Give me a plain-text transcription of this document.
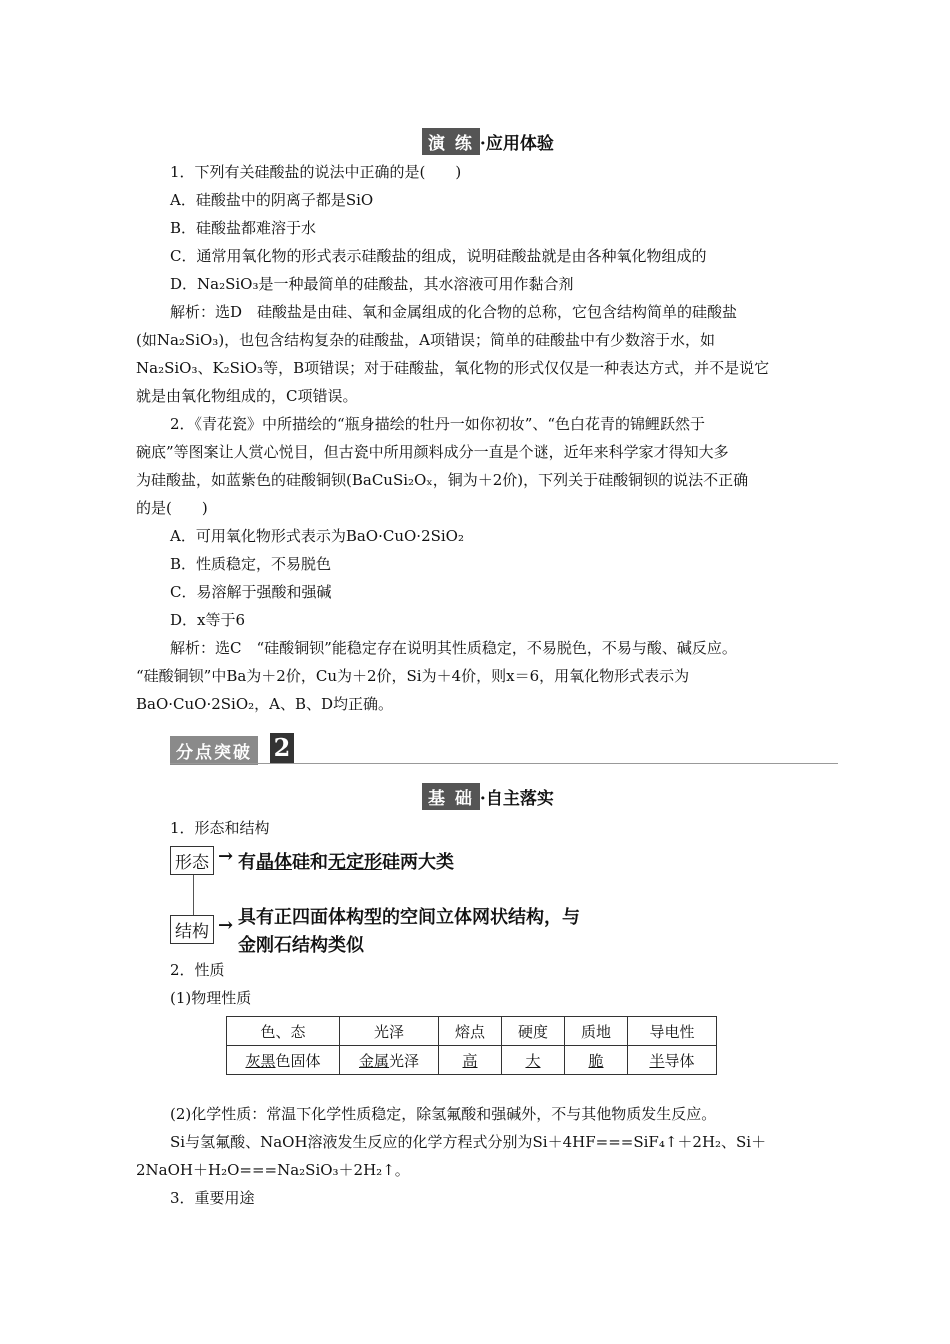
演 练 ·应用体验
1．下列有关硅酸盐的说法中正确的是(　　)
A．硅酸盐中的阴离子都是SiO
B．硅酸盐都难溶于水
C．通常用氧化物的形式表示硅酸盐的组成，说明硅酸盐就是由各种氧化物组成的
D．Na₂SiO₃是一种最简单的硅酸盐，其水溶液可用作黏合剂
解析：选D　硅酸盐是由硅、氧和金属组成的化合物的总称，它包含结构简单的硅酸盐
(如Na₂SiO₃)，也包含结构复杂的硅酸盐，A项错误；简单的硅酸盐中有少数溶于水，如
Na₂SiO₃、K₂SiO₃等，B项错误；对于硅酸盐，氧化物的形式仅仅是一种表达方式，并不是说它
就是由氧化物组成的，C项错误。
2．《青花瓷》中所描绘的“瓶身描绘的牡丹一如你初妆”、“色白花青的锦鲤跃然于
碗底”等图案让人赏心悦目，但古瓷中所用颜料成分一直是个谜，近年来科学家才得知大多
为硅酸盐，如蓝紫色的硅酸铜钡(BaCuSi₂Oₓ，铜为＋2价)，下列关于硅酸铜钡的说法不正确
的是(　　)
A．可用氧化物形式表示为BaO·CuO·2SiO₂
B．性质稳定，不易脱色
C．易溶解于强酸和强碱
D．x等于6
解析：选C　“硅酸铜钡”能稳定存在说明其性质稳定，不易脱色，不易与酸、碱反应。
“硅酸铜钡”中Ba为＋2价，Cu为＋2价，Si为＋4价，则x＝6，用氧化物形式表示为
BaO·CuO·2SiO₂，A、B、D均正确。
分点突破 2
基 础 ·自主落实
1．形态和结构
形态 → 有晶体硅和无定形硅两大类
结构 → 具有正四面体构型的空间立体网状结构，与
金刚石结构类似
2．性质
(1)物理性质
色、态	光泽	熔点	硬度	质地	导电性
灰黑色固体	金属光泽	高	大	脆	半导体
(2)化学性质：常温下化学性质稳定，除氢氟酸和强碱外，不与其他物质发生反应。
Si与氢氟酸、NaOH溶液发生反应的化学方程式分别为Si＋4HF===SiF₄↑＋2H₂、Si＋
2NaOH＋H₂O===Na₂SiO₃＋2H₂↑。
3．重要用途
